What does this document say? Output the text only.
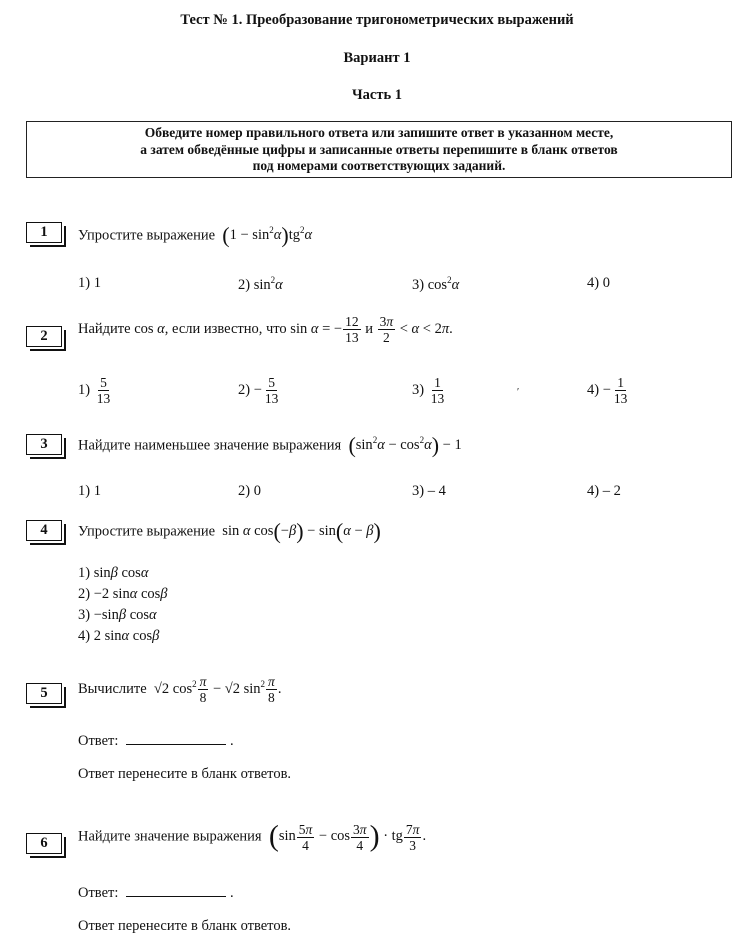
Тест № 1. Преобразование тригонометрических выражений
Вариант 1
Часть 1
Обведите номер правильного ответа или запишите ответ в указанном месте,
а затем обведённые цифры и записанные ответы перепишите в бланк ответов
под номерами соответствующих заданий.
1	Упростите выражение $(1 - \sin^2\alpha)tg^2\alpha$
1) 1	2) $\sin^2\alpha$	3) $\cos^2\alpha$	4) 0
2	Найдите cos α, если известно, что sin α = − $\frac{12}{13}$ и $\frac{3\pi}{2} < \alpha < 2\pi$.
$1) \frac{5}{13}$	$2) - \frac{5}{13}$	$3) \frac{1}{13}$	ʹ	$4) - \frac{1}{13}$
3	Найдите наименьшее значение выражения $(\sin^2\alpha - \cos^2\alpha) - 1$
1) 1	2) 0	3) – 4	4) – 2
4	Упростите выражение sin α cos(−β) − sin(α − β)
1) sinβ cosα
2) −2 sinα cosβ
3) −sinβ cosα
4) 2 sinα cosβ
5	Вычислите √2 $\cos^2 \frac{\pi}{8} - √2$ $\sin^2 \frac{\pi}{8}$ .
Ответ:	.
Ответ перенесите в бланк ответов.
6	Найдите значение выражения ($\sin \frac{5\pi}{4} - \cos \frac{3\pi}{4}$ ) · tg $\frac{7\pi}{3}$ .
Ответ:	.
Ответ перенесите в бланк ответов.
